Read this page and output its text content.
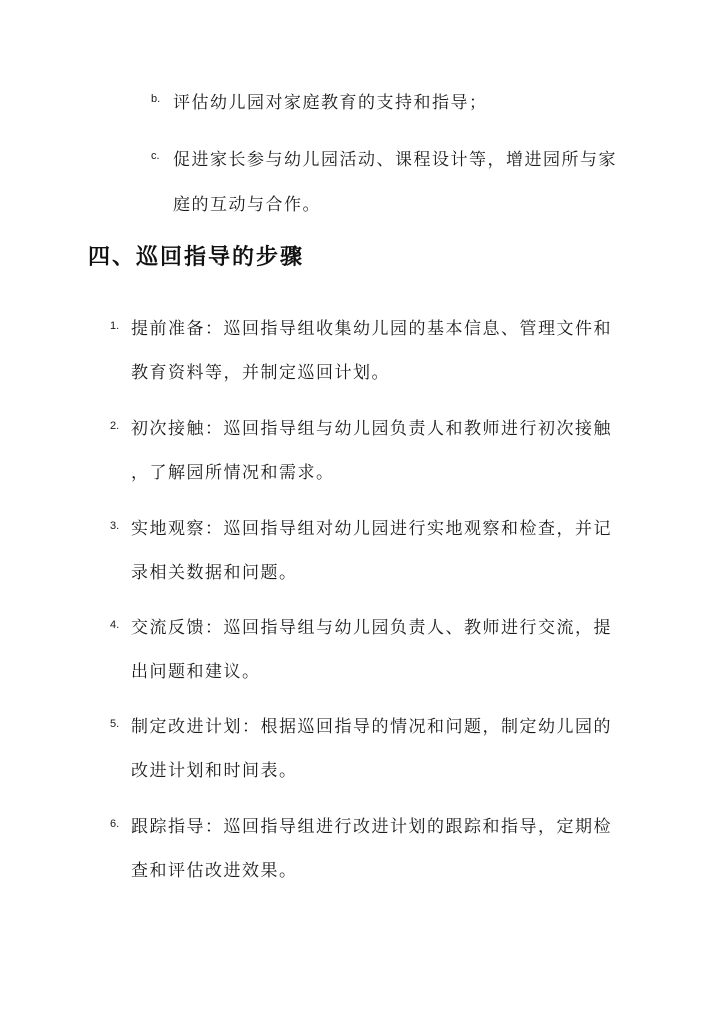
b. 评估幼儿园对家庭教育的支持和指导；
c. 促进家长参与幼儿园活动、课程设计等，增进园所与家
庭的互动与合作。
四、巡回指导的步骤
1. 提前准备：巡回指导组收集幼儿园的基本信息、管理文件和
教育资料等，并制定巡回计划。
2. 初次接触：巡回指导组与幼儿园负责人和教师进行初次接触
，了解园所情况和需求。
3. 实地观察：巡回指导组对幼儿园进行实地观察和检查，并记
录相关数据和问题。
4. 交流反馈：巡回指导组与幼儿园负责人、教师进行交流，提
出问题和建议。
5. 制定改进计划：根据巡回指导的情况和问题，制定幼儿园的
改进计划和时间表。
6. 跟踪指导：巡回指导组进行改进计划的跟踪和指导，定期检
查和评估改进效果。
